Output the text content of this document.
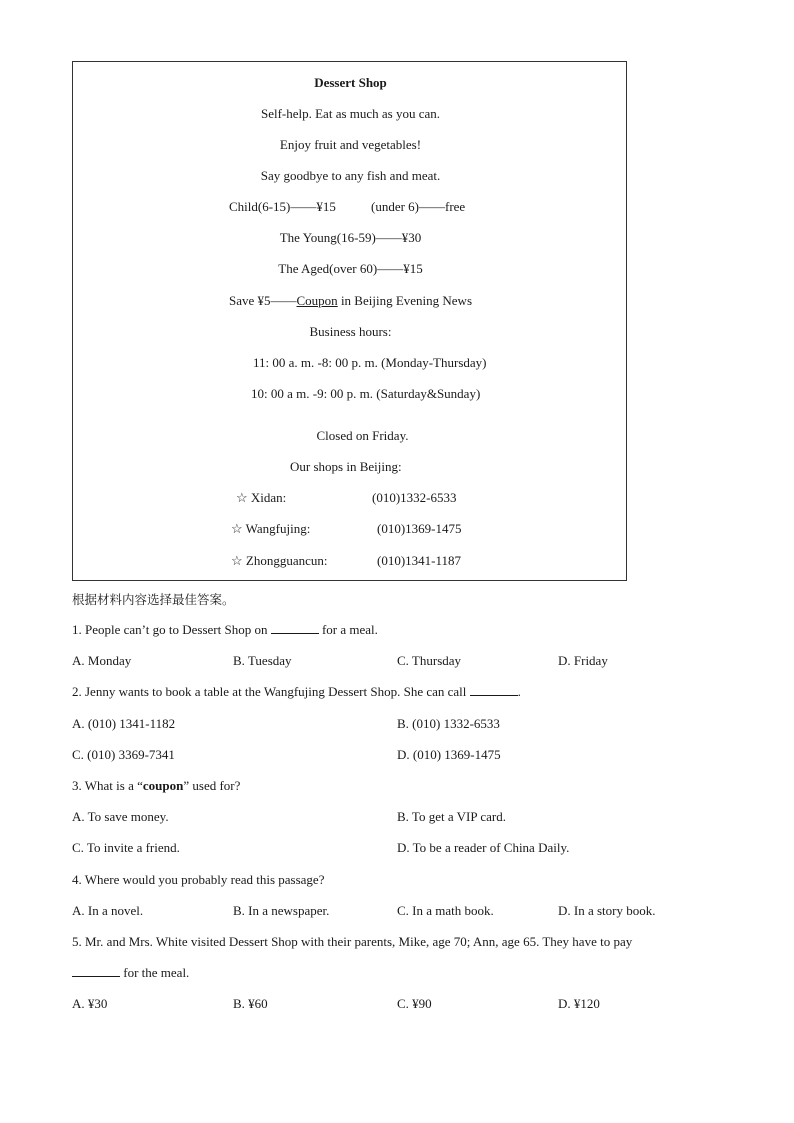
Dessert Shop
Self-help. Eat as much as you can.
Enjoy fruit and vegetables!
Say goodbye to any fish and meat.
Child(6-15)——¥15	(under 6)——free
The Young(16-59)——¥30
The Aged(over 60)——¥15
Save ¥5——Coupon in Beijing Evening News
Business hours:
11: 00 a. m. -8: 00 p. m. (Monday-Thursday)
10: 00 a m. -9: 00 p. m. (Saturday&Sunday)
Closed on Friday.
Our shops in Beijing:
☆ Xidan:	(010)1332-6533
☆ Wangfujing:	(010)1369-1475
☆ Zhongguancun:	(010)1341-1187
根据材料内容选择最佳答案。
1. People can’t go to Dessert Shop on	for a meal.
A. Monday	B. Tuesday	C. Thursday	D. Friday
2. Jenny wants to book a table at the Wangfujing Dessert Shop. She can call	.
A. (010) 1341-1182	B. (010) 1332-6533
C. (010) 3369-7341	D. (010) 1369-1475
3. What is a “coupon” used for?
A. To save money.	B. To get a VIP card.
C. To invite a friend.	D. To be a reader of China Daily.
4. Where would you probably read this passage?
A. In a novel.	B. In a newspaper.	C. In a math book.	D. In a story book.
5. Mr. and Mrs. White visited Dessert Shop with their parents, Mike, age 70; Ann, age 65. They have to pay
for the meal.
A. ¥30	B. ¥60	C. ¥90	D. ¥120
